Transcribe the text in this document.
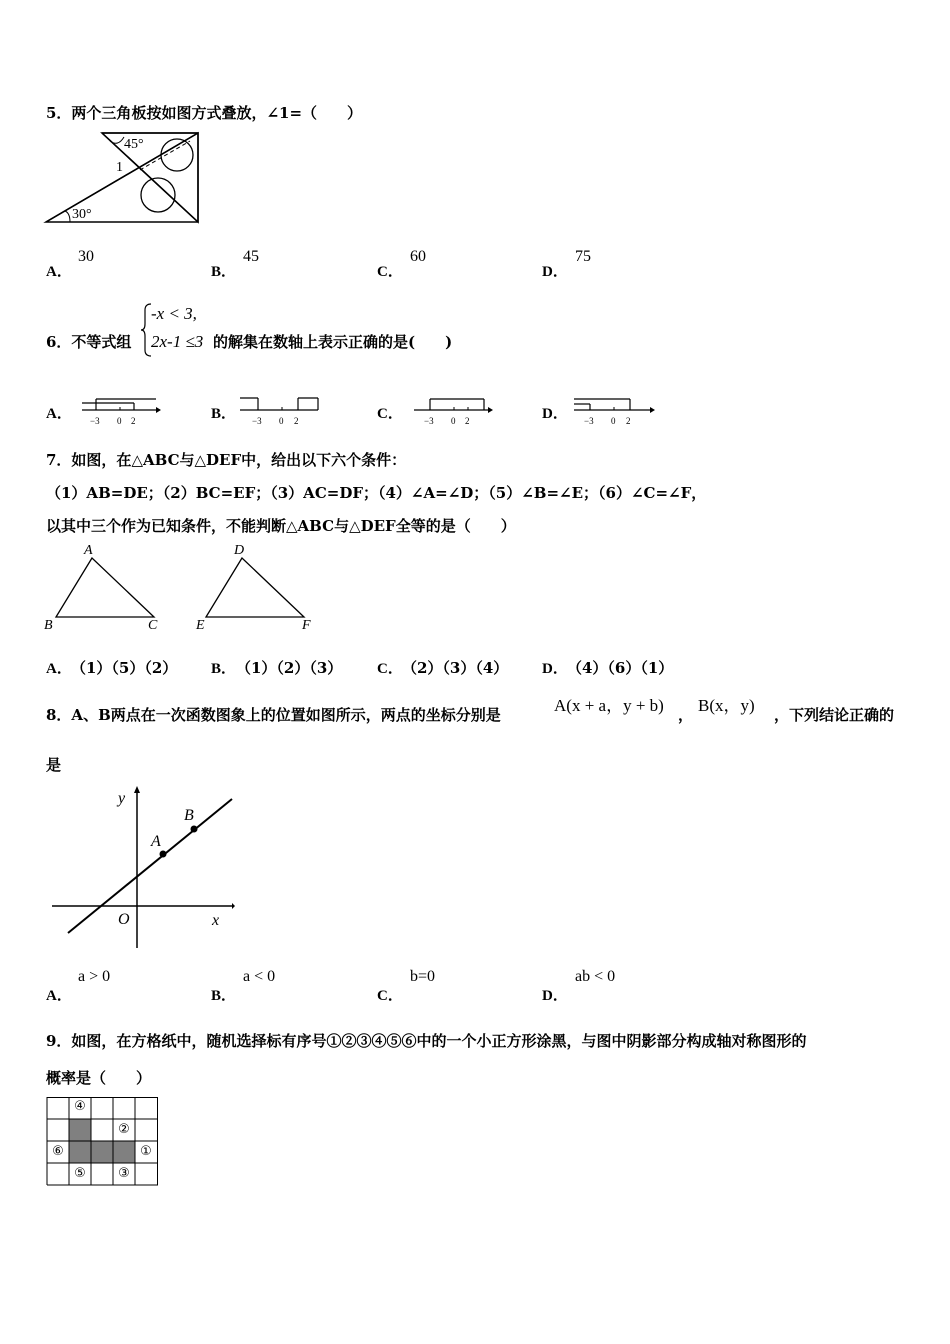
5．两个三角板按如图方式叠放，∠1=（　　）
45°
1
30°
A．
30
B．
45
C．
60
D．
75
6．不等式组
-x < 3,
2x-1 ≤3 的解集在数轴上表示正确的是(　　)
A． −3 0 2	B． −3 0 2	C． −3 0 2	D． −3 0 2
7．如图，在△ABC与△DEF中，给出以下六个条件：
（1）AB=DE；（2）BC=EF；（3）AC=DF；（4）∠A=∠D；（5）∠B=∠E；（6）∠C=∠F，
以其中三个作为已知条件，不能判断△ABC与△DEF全等的是（　　）
A
B	C
D
E	F
A． （1）（5）（2） B． （1）（2）（3） C． （2）（3）（4） D． （4）（6）（1）
8．A、B两点在一次函数图象上的位置如图所示，两点的坐标分别是	A(x + a，y + b) ， B(x，y) ，下列结论正确的
是
y
x
O
A
B
A．
a > 0
B．
a < 0
C．
b=0
D．
ab < 0
9．如图，在方格纸中，随机选择标有序号①②③④⑤⑥中的一个小正方形涂黑，与图中阴影部分构成轴对称图形的
概率是（　　）
④
②
⑥	①
⑤	③
